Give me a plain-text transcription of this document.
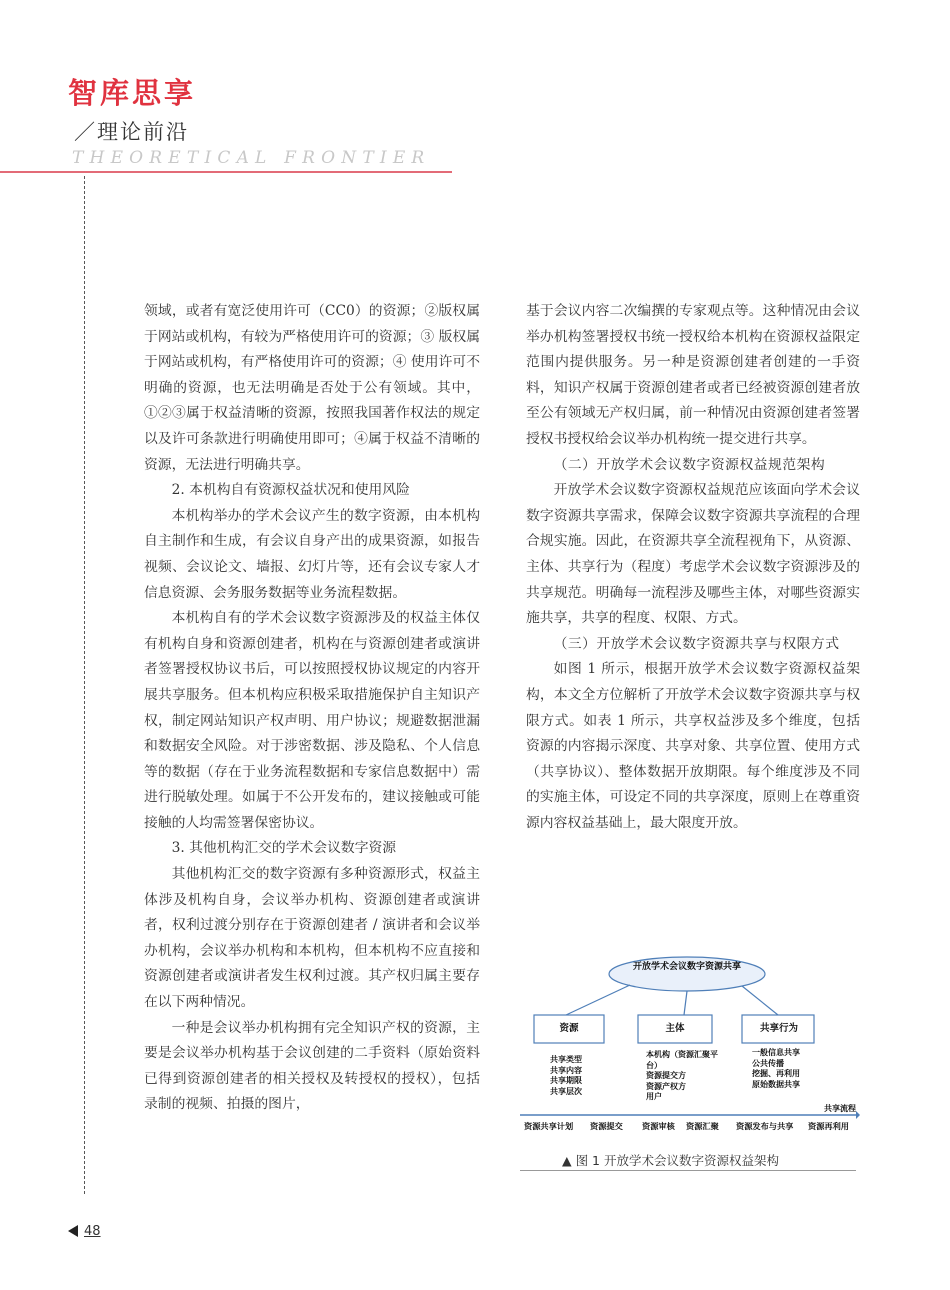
智库思享
／理论前沿
THEORETICAL FRONTIER

领域，或者有宽泛使用许可（CC0）的资源；②版权属于网站或机构，有较为严格使用许可的资源；③ 版权属于网站或机构，有严格使用许可的资源；④ 使用许可不明确的资源，也无法明确是否处于公有领域。其中，①②③属于权益清晰的资源，按照我国著作权法的规定以及许可条款进行明确使用即可；④属于权益不清晰的资源，无法进行明确共享。

2. 本机构自有资源权益状况和使用风险

本机构举办的学术会议产生的数字资源，由本机构自主制作和生成，有会议自身产出的成果资源，如报告视频、会议论文、墙报、幻灯片等，还有会议专家人才信息资源、会务服务数据等业务流程数据。

本机构自有的学术会议数字资源涉及的权益主体仅有机构自身和资源创建者，机构在与资源创建者或演讲者签署授权协议书后，可以按照授权协议规定的内容开展共享服务。但本机构应积极采取措施保护自主知识产权，制定网站知识产权声明、用户协议；规避数据泄漏和数据安全风险。对于涉密数据、涉及隐私、个人信息等的数据（存在于业务流程数据和专家信息数据中）需进行脱敏处理。如属于不公开发布的，建议接触或可能接触的人均需签署保密协议。

3. 其他机构汇交的学术会议数字资源

其他机构汇交的数字资源有多种资源形式，权益主体涉及机构自身，会议举办机构、资源创建者或演讲者，权利过渡分别存在于资源创建者 / 演讲者和会议举办机构，会议举办机构和本机构，但本机构不应直接和资源创建者或演讲者发生权利过渡。其产权归属主要存在以下两种情况。

一种是会议举办机构拥有完全知识产权的资源，主要是会议举办机构基于会议创建的二手资料（原始资料已得到资源创建者的相关授权及转授权的授权），包括录制的视频、拍摄的图片，

基于会议内容二次编撰的专家观点等。这种情况由会议举办机构签署授权书统一授权给本机构在资源权益限定范围内提供服务。另一种是资源创建者创建的一手资料，知识产权属于资源创建者或者已经被资源创建者放至公有领域无产权归属，前一种情况由资源创建者签署授权书授权给会议举办机构统一提交进行共享。

（二）开放学术会议数字资源权益规范架构

开放学术会议数字资源权益规范应该面向学术会议数字资源共享需求，保障会议数字资源共享流程的合理合规实施。因此，在资源共享全流程视角下，从资源、主体、共享行为（程度）考虑学术会议数字资源涉及的共享规范。明确每一流程涉及哪些主体，对哪些资源实施共享，共享的程度、权限、方式。

（三）开放学术会议数字资源共享与权限方式

如图 1 所示，根据开放学术会议数字资源权益架构，本文全方位解析了开放学术会议数字资源共享与权限方式。如表 1 所示，共享权益涉及多个维度，包括资源的内容揭示深度、共享对象、共享位置、使用方式（共享协议）、整体数据开放期限。每个维度涉及不同的实施主体，可设定不同的共享深度，原则上在尊重资源内容权益基础上，最大限度开放。

开放学术会议数字资源共享
资源	主体	共享行为
共享类型
共享内容
共享期限
共享层次
本机构（资源汇聚平台）
资源提交方
资源产权方
用户
一般信息共享
公共传播
挖掘、再利用
原始数据共享
共享流程
资源共享计划 资源提交 资源审核 资源汇聚 资源发布与共享 资源再利用
▲ 图 1 开放学术会议数字资源权益架构
48
